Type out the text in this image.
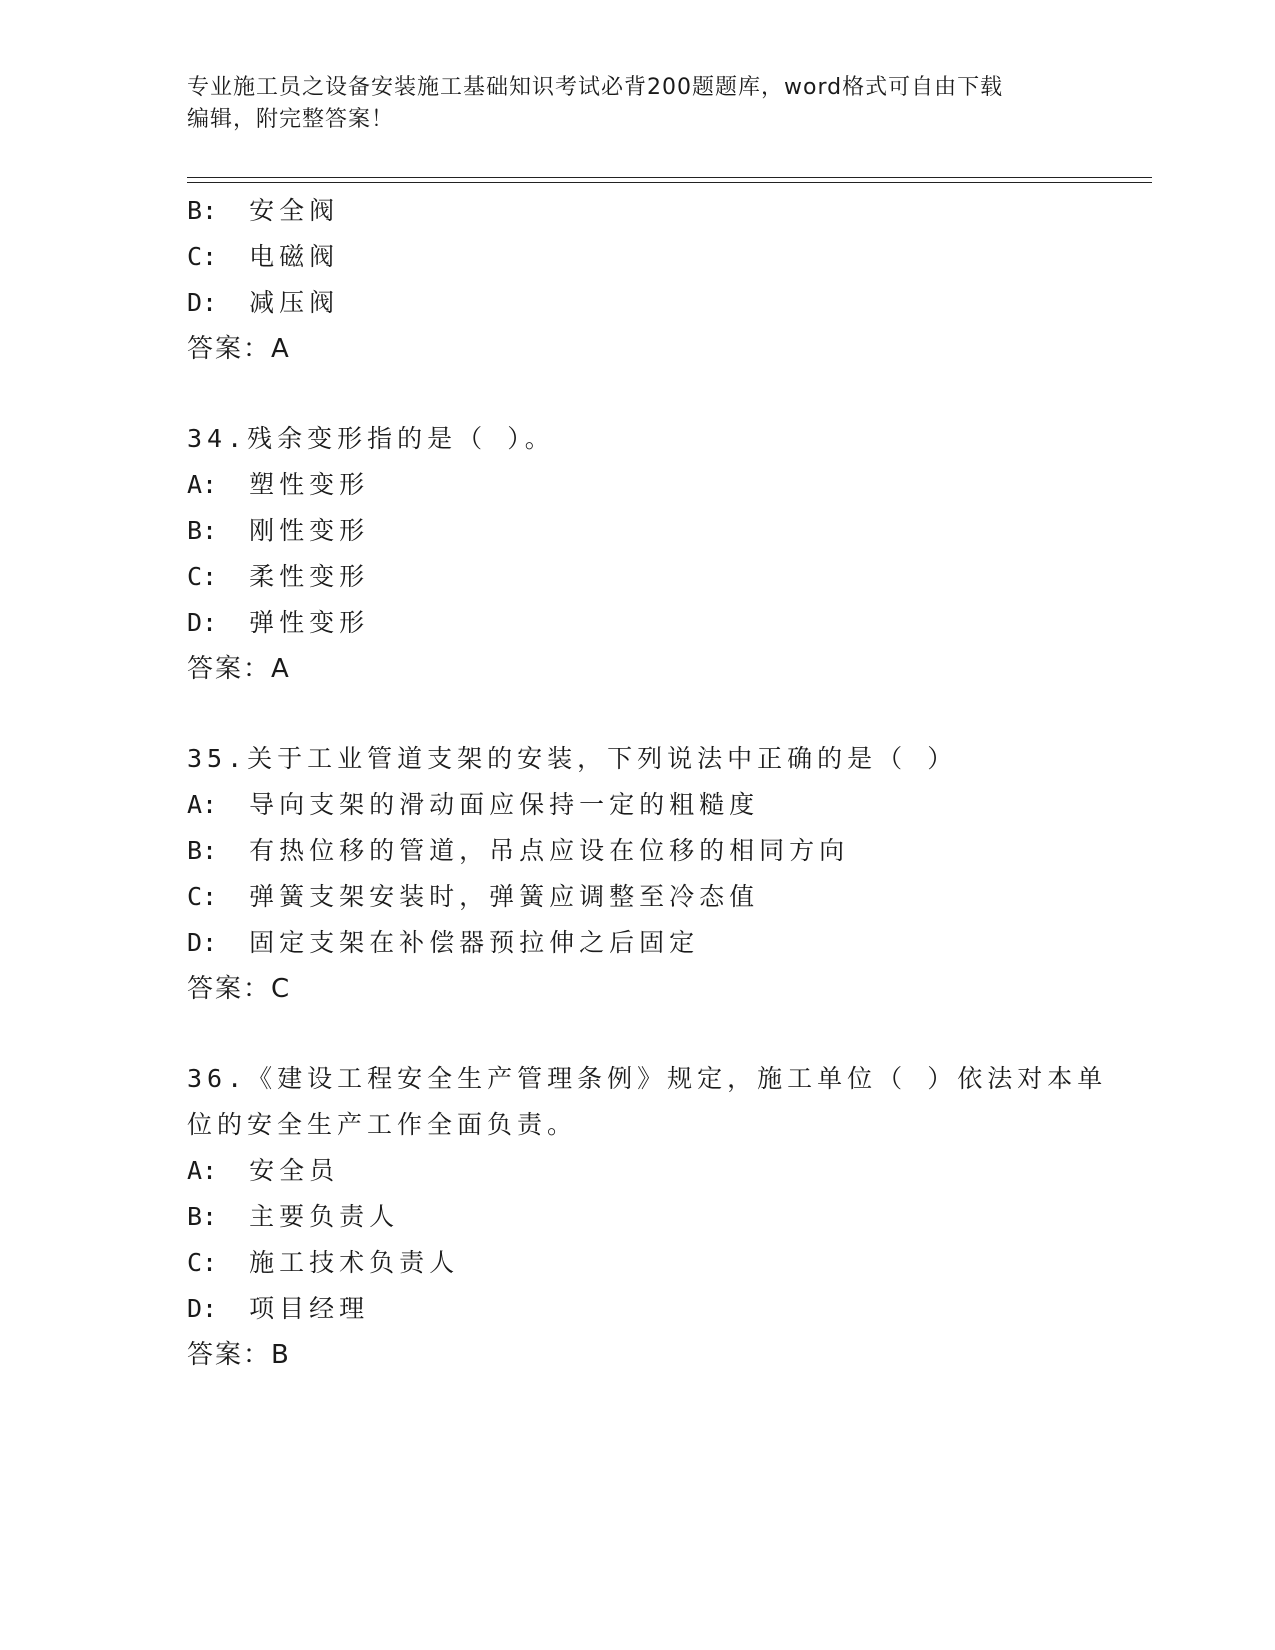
专业施工员之设备安装施工基础知识考试必背200题题库，word格式可自由下载
编辑，附完整答案！
B: 安全阀
C: 电磁阀
D: 减压阀
答案：A
34.残余变形指的是（ ）。
A: 塑性变形
B: 刚性变形
C: 柔性变形
D: 弹性变形
答案：A
35.关于工业管道支架的安装，下列说法中正确的是（ ）
A: 导向支架的滑动面应保持一定的粗糙度
B: 有热位移的管道，吊点应设在位移的相同方向
C: 弹簧支架安装时，弹簧应调整至冷态值
D: 固定支架在补偿器预拉伸之后固定
答案：C
36.《建设工程安全生产管理条例》规定，施工单位（ ）依法对本单
位的安全生产工作全面负责。
A: 安全员
B: 主要负责人
C: 施工技术负责人
D: 项目经理
答案：B
